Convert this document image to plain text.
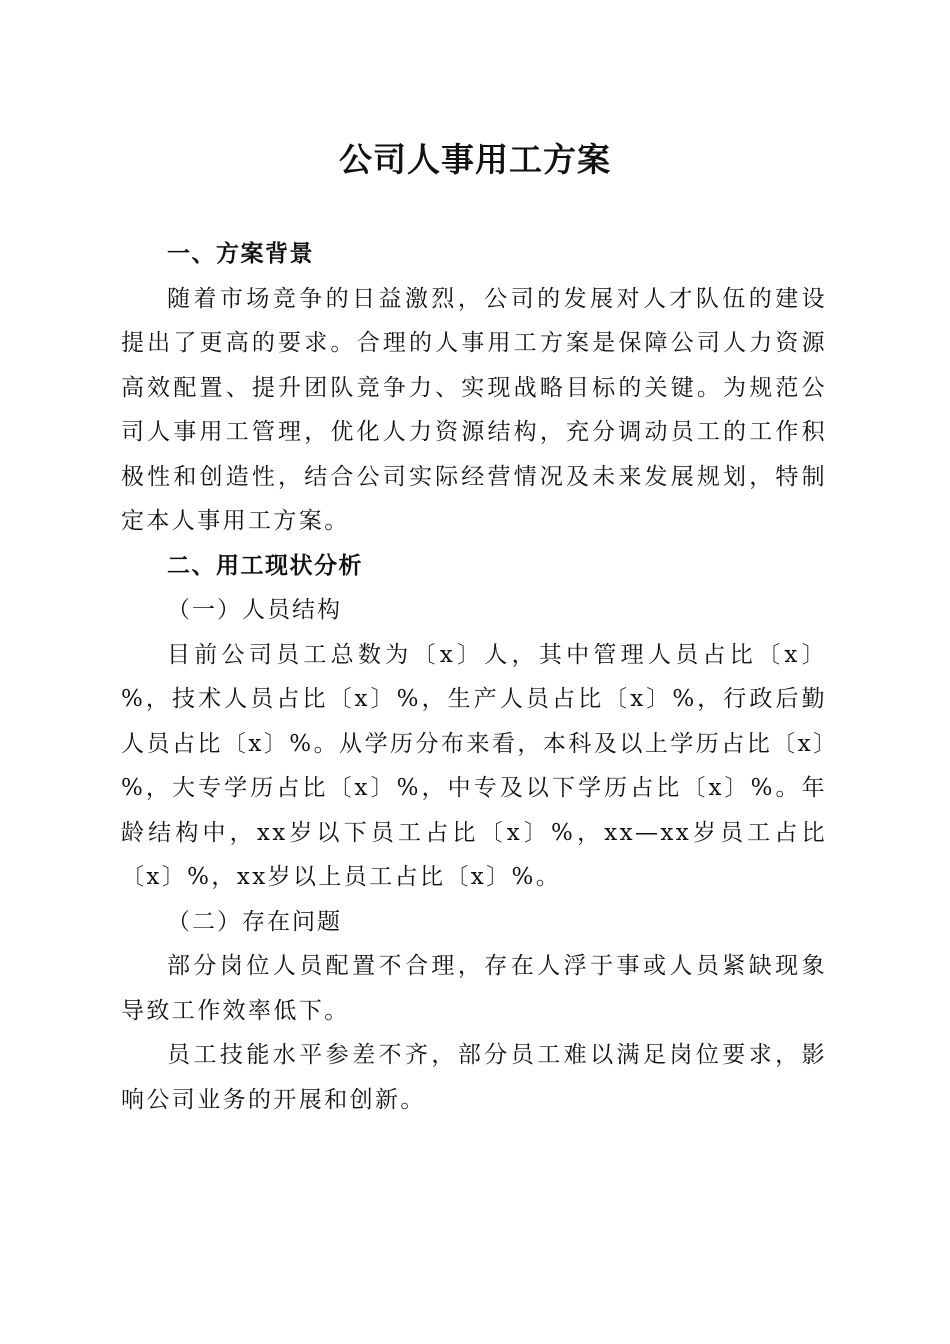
公司人事用工方案

一、方案背景

随着市场竞争的日益激烈，公司的发展对人才队伍的建设提出了更高的要求。合理的人事用工方案是保障公司人力资源高效配置、提升团队竞争力、实现战略目标的关键。为规范公司人事用工管理，优化人力资源结构，充分调动员工的工作积极性和创造性，结合公司实际经营情况及未来发展规划，特制定本人事用工方案。

二、用工现状分析

（一）人员结构

目前公司员工总数为〔x〕人，其中管理人员占比〔x〕%，技术人员占比〔x〕%，生产人员占比〔x〕%，行政后勤人员占比〔x〕%。从学历分布来看，本科及以上学历占比〔x〕%，大专学历占比〔x〕%，中专及以下学历占比〔x〕%。年龄结构中，xx岁以下员工占比〔x〕%，xx—xx岁员工占比〔x〕%，xx岁以上员工占比〔x〕%。

（二）存在问题

部分岗位人员配置不合理，存在人浮于事或人员紧缺现象导致工作效率低下。

员工技能水平参差不齐，部分员工难以满足岗位要求，影响公司业务的开展和创新。
